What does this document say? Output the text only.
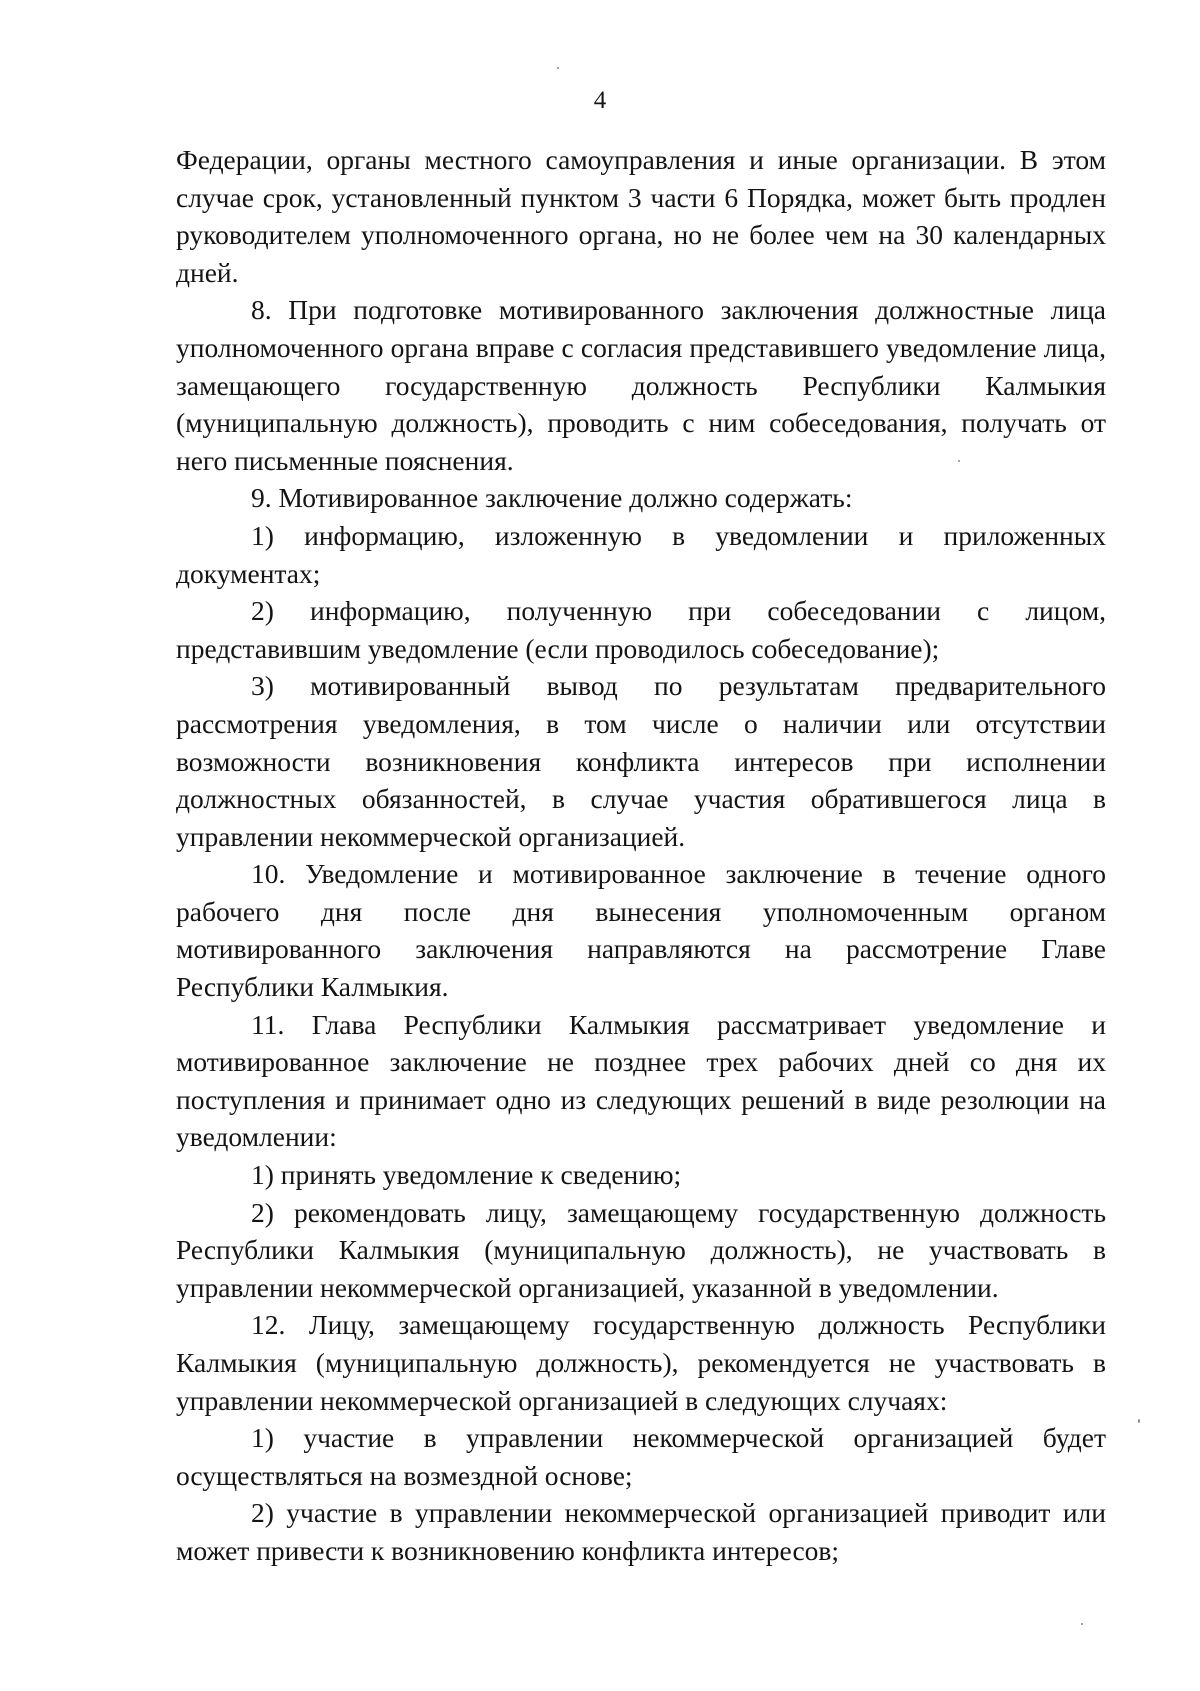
4

Федерации, органы местного самоуправления и иные организации. В этом случае срок, установленный пунктом 3 части 6 Порядка, может быть продлен руководителем уполномоченного органа, но не более чем на 30 календарных дней.

8. При подготовке мотивированного заключения должностные лица уполномоченного органа вправе с согласия представившего уведомление лица, замещающего государственную должность Республики Калмыкия (муниципальную должность), проводить с ним собеседования, получать от него письменные пояснения.

9. Мотивированное заключение должно содержать:

1) информацию, изложенную в уведомлении и приложенных документах;

2) информацию, полученную при собеседовании с лицом, представившим уведомление (если проводилось собеседование);

3) мотивированный вывод по результатам предварительного рассмотрения уведомления, в том числе о наличии или отсутствии возможности возникновения конфликта интересов при исполнении должностных обязанностей, в случае участия обратившегося лица в управлении некоммерческой организацией.

10. Уведомление и мотивированное заключение в течение одного рабочего дня после дня вынесения уполномоченным органом мотивированного заключения направляются на рассмотрение Главе Республики Калмыкия.

11. Глава Республики Калмыкия рассматривает уведомление и мотивированное заключение не позднее трех рабочих дней со дня их поступления и принимает одно из следующих решений в виде резолюции на уведомлении:

1) принять уведомление к сведению;

2) рекомендовать лицу, замещающему государственную должность Республики Калмыкия (муниципальную должность), не участвовать в управлении некоммерческой организацией, указанной в уведомлении.

12. Лицу, замещающему государственную должность Республики Калмыкия (муниципальную должность), рекомендуется не участвовать в управлении некоммерческой организацией в следующих случаях:

1) участие в управлении некоммерческой организацией будет осуществляться на возмездной основе;

2) участие в управлении некоммерческой организацией приводит или может привести к возникновению конфликта интересов;
